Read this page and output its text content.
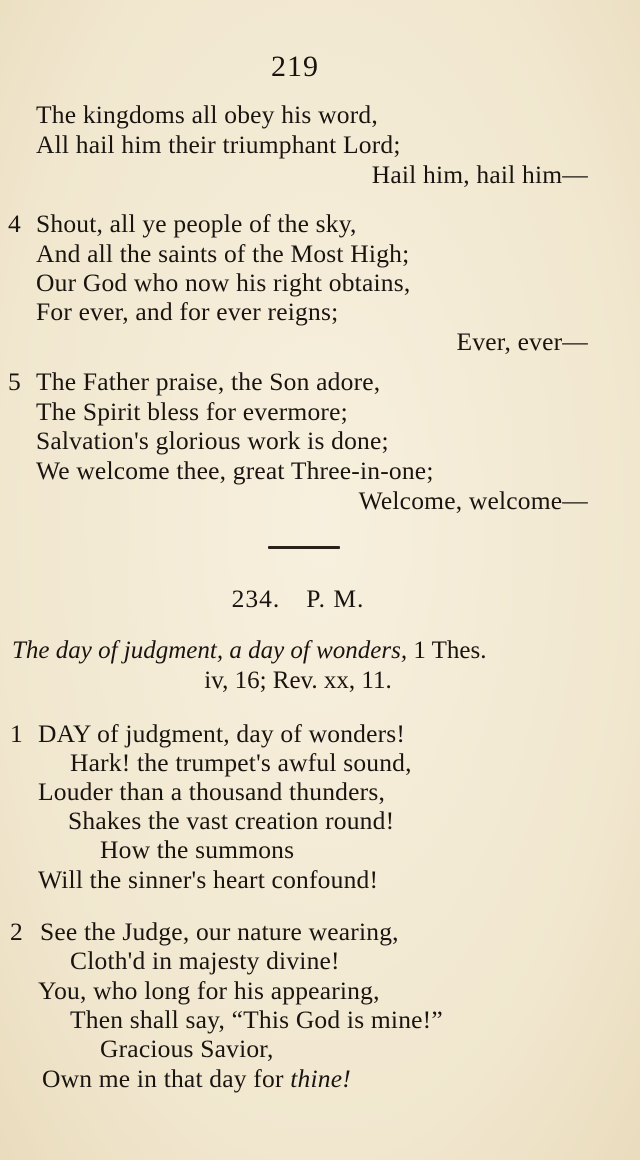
219
The kingdoms all obey his word,
All hail him their triumphant Lord;
Hail him, hail him—
4 Shout, all ye people of the sky,
And all the saints of the Most High;
Our God who now his right obtains,
For ever, and for ever reigns;
Ever, ever—
5 The Father praise, the Son adore,
The Spirit bless for evermore;
Salvation's glorious work is done;
We welcome thee, great Three-in-one;
Welcome, welcome—
234. P. M.
The day of judgment, a day of wonders, 1 Thes.
iv, 16; Rev. xx, 11.
1 DAY of judgment, day of wonders!
Hark! the trumpet's awful sound,
Louder than a thousand thunders,
Shakes the vast creation round!
How the summons
Will the sinner's heart confound!
2 See the Judge, our nature wearing,
Cloth'd in majesty divine!
You, who long for his appearing,
Then shall say, “This God is mine!”
Gracious Savior,
Own me in that day for thine!
